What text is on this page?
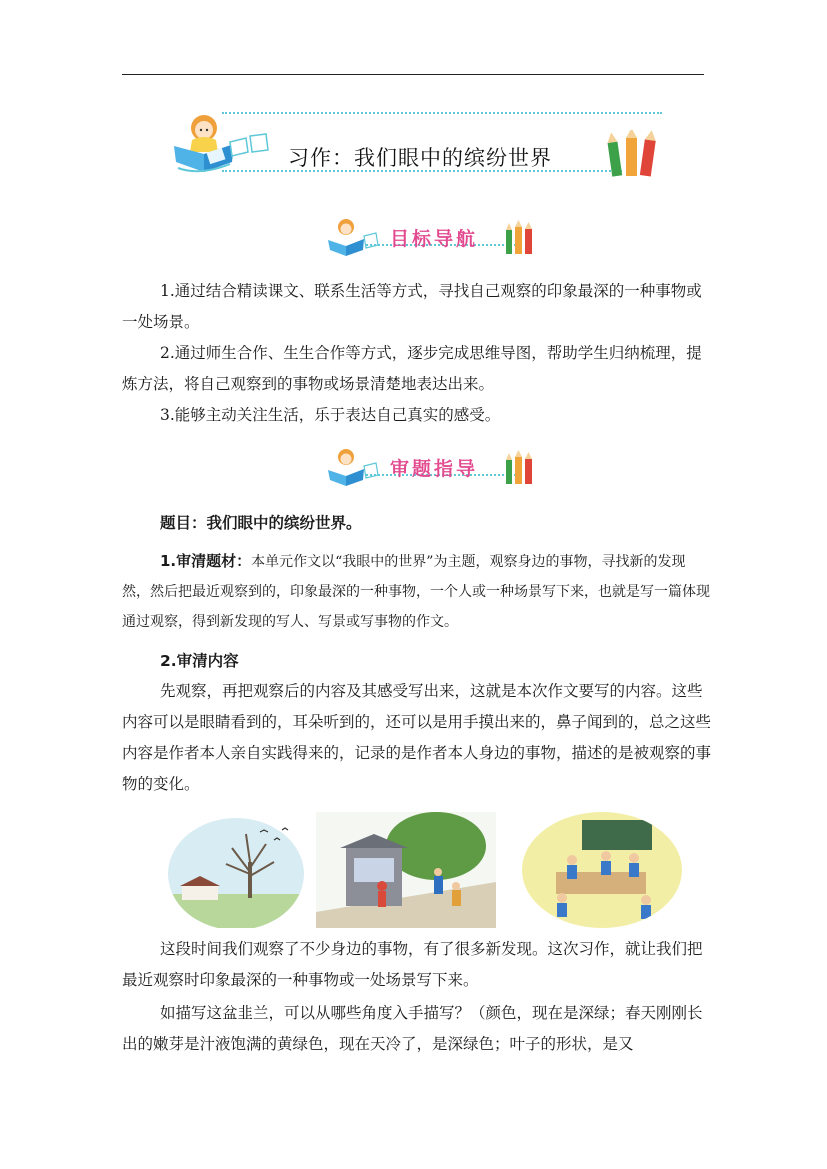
习作：我们眼中的缤纷世界
目标导航

1.通过结合精读课文、联系生活等方式，寻找自己观察的印象最深的一种事物或一处场景。

2.通过师生合作、生生合作等方式，逐步完成思维导图，帮助学生归纳梳理，提炼方法，将自己观察到的事物或场景清楚地表达出来。

3.能够主动关注生活，乐于表达自己真实的感受。

审题指导

题目：我们眼中的缤纷世界。

1.审清题材：本单元作文以“我眼中的世界”为主题，观察身边的事物，寻找新的发现然，然后把最近观察到的，印象最深的一种事物，一个人或一种场景写下来，也就是写一篇体现通过观察，得到新发现的写人、写景或写事物的作文。

2.审清内容

先观察，再把观察后的内容及其感受写出来，这就是本次作文要写的内容。这些内容可以是眼睛看到的，耳朵听到的，还可以是用手摸出来的，鼻子闻到的，总之这些内容是作者本人亲自实践得来的，记录的是作者本人身边的事物，描述的是被观察的事物的变化。

这段时间我们观察了不少身边的事物，有了很多新发现。这次习作，就让我们把最近观察时印象最深的一种事物或一处场景写下来。

如描写这盆韭兰，可以从哪些角度入手描写？（颜色，现在是深绿；春天刚刚长出的嫩芽是汁液饱满的黄绿色，现在天冷了，是深绿色；叶子的形状，是又
